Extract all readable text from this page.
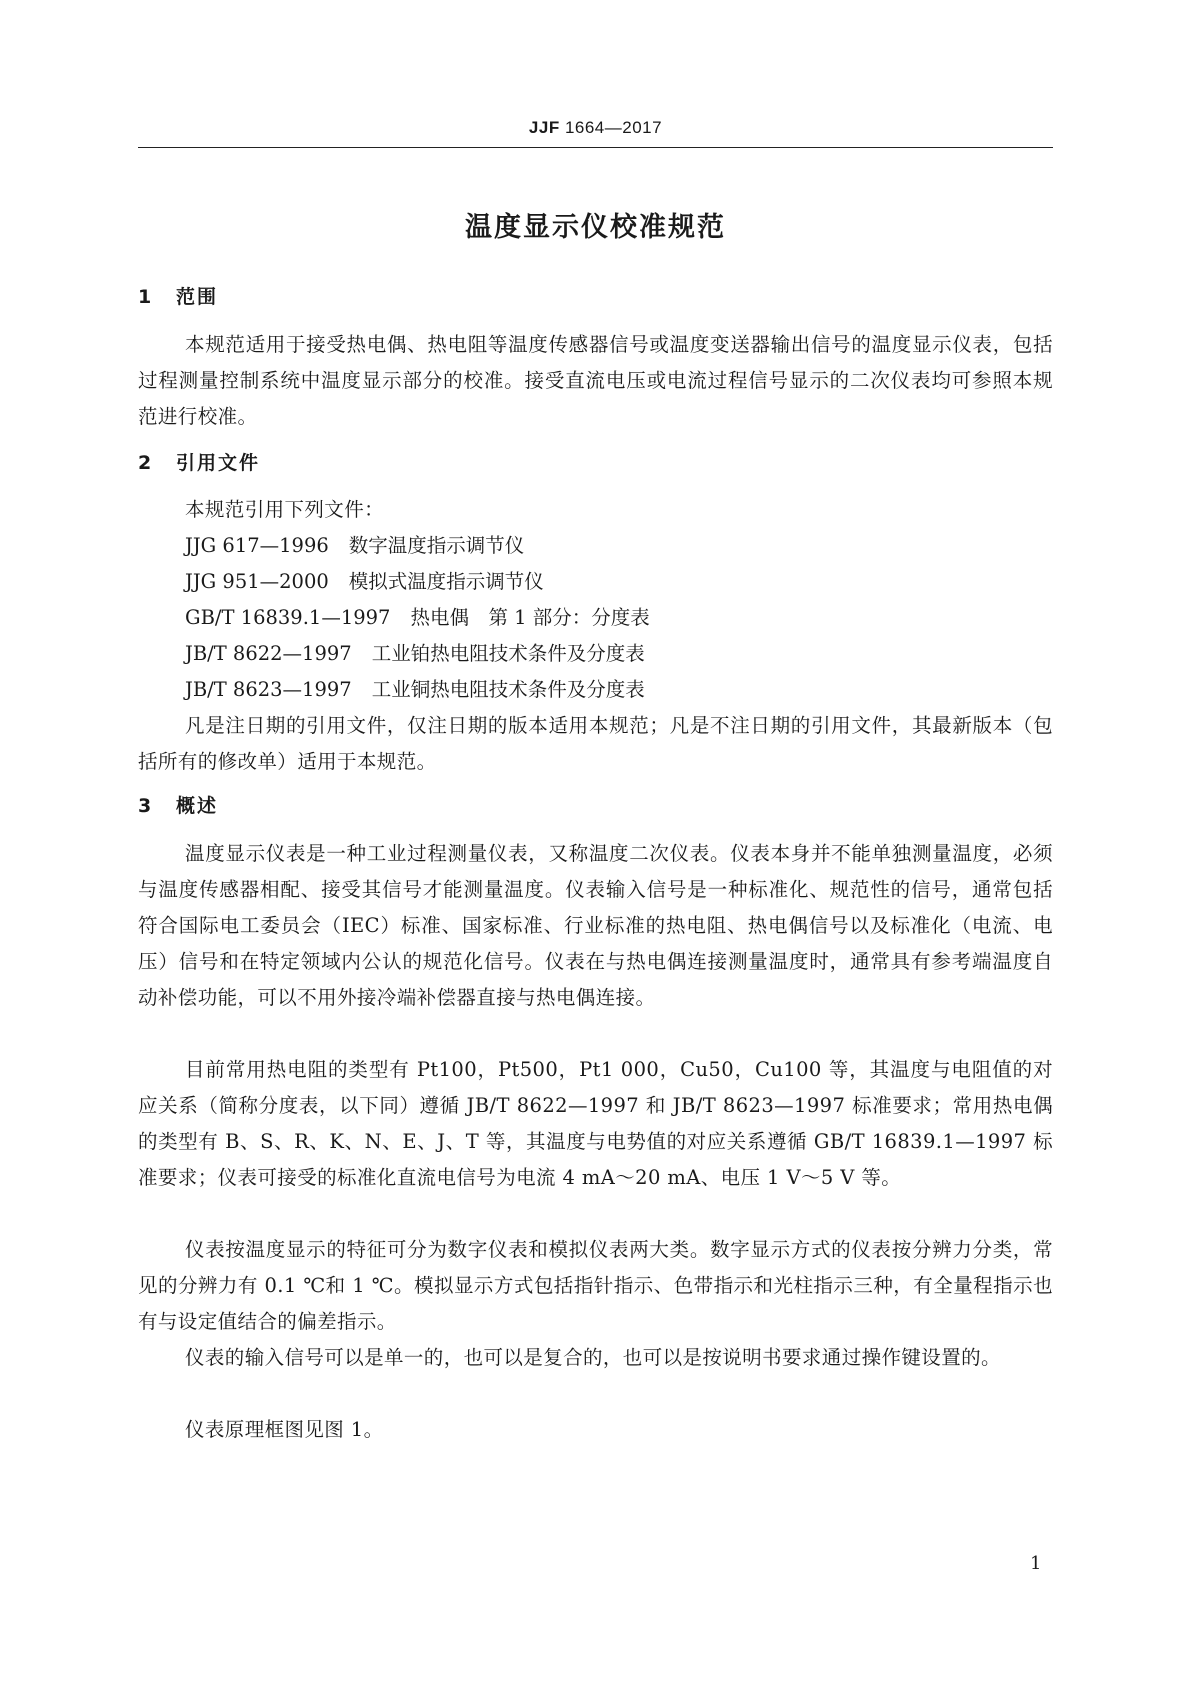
JJF 1664—2017
温度显示仪校准规范
1 范围

本规范适用于接受热电偶、热电阻等温度传感器信号或温度变送器输出信号的温度显示仪表，包括过程测量控制系统中温度显示部分的校准。接受直流电压或电流过程信号显示的二次仪表均可参照本规范进行校准。

2 引用文件

本规范引用下列文件：

JJG 617—1996 数字温度指示调节仪
JJG 951—2000 模拟式温度指示调节仪
GB/T 16839.1—1997 热电偶　第 1 部分：分度表
JB/T 8622—1997 工业铂热电阻技术条件及分度表
JB/T 8623—1997 工业铜热电阻技术条件及分度表

凡是注日期的引用文件，仅注日期的版本适用本规范；凡是不注日期的引用文件，其最新版本（包括所有的修改单）适用于本规范。

3 概述

温度显示仪表是一种工业过程测量仪表，又称温度二次仪表。仪表本身并不能单独测量温度，必须与温度传感器相配、接受其信号才能测量温度。仪表输入信号是一种标准化、规范性的信号，通常包括符合国际电工委员会（IEC）标准、国家标准、行业标准的热电阻、热电偶信号以及标准化（电流、电压）信号和在特定领域内公认的规范化信号。仪表在与热电偶连接测量温度时，通常具有参考端温度自动补偿功能，可以不用外接冷端补偿器直接与热电偶连接。

目前常用热电阻的类型有 Pt100，Pt500，Pt1 000，Cu50，Cu100 等，其温度与电阻值的对应关系（简称分度表，以下同）遵循 JB/T 8622—1997 和 JB/T 8623—1997 标准要求；常用热电偶的类型有 B、S、R、K、N、E、J、T 等，其温度与电势值的对应关系遵循 GB/T 16839.1—1997 标准要求；仪表可接受的标准化直流电信号为电流 4 mA～20 mA、电压 1 V～5 V 等。

仪表按温度显示的特征可分为数字仪表和模拟仪表两大类。数字显示方式的仪表按分辨力分类，常见的分辨力有 0.1 ℃和 1 ℃。模拟显示方式包括指针指示、色带指示和光柱指示三种，有全量程指示也有与设定值结合的偏差指示。

仪表的输入信号可以是单一的，也可以是复合的，也可以是按说明书要求通过操作键设置的。

仪表原理框图见图 1。

1
